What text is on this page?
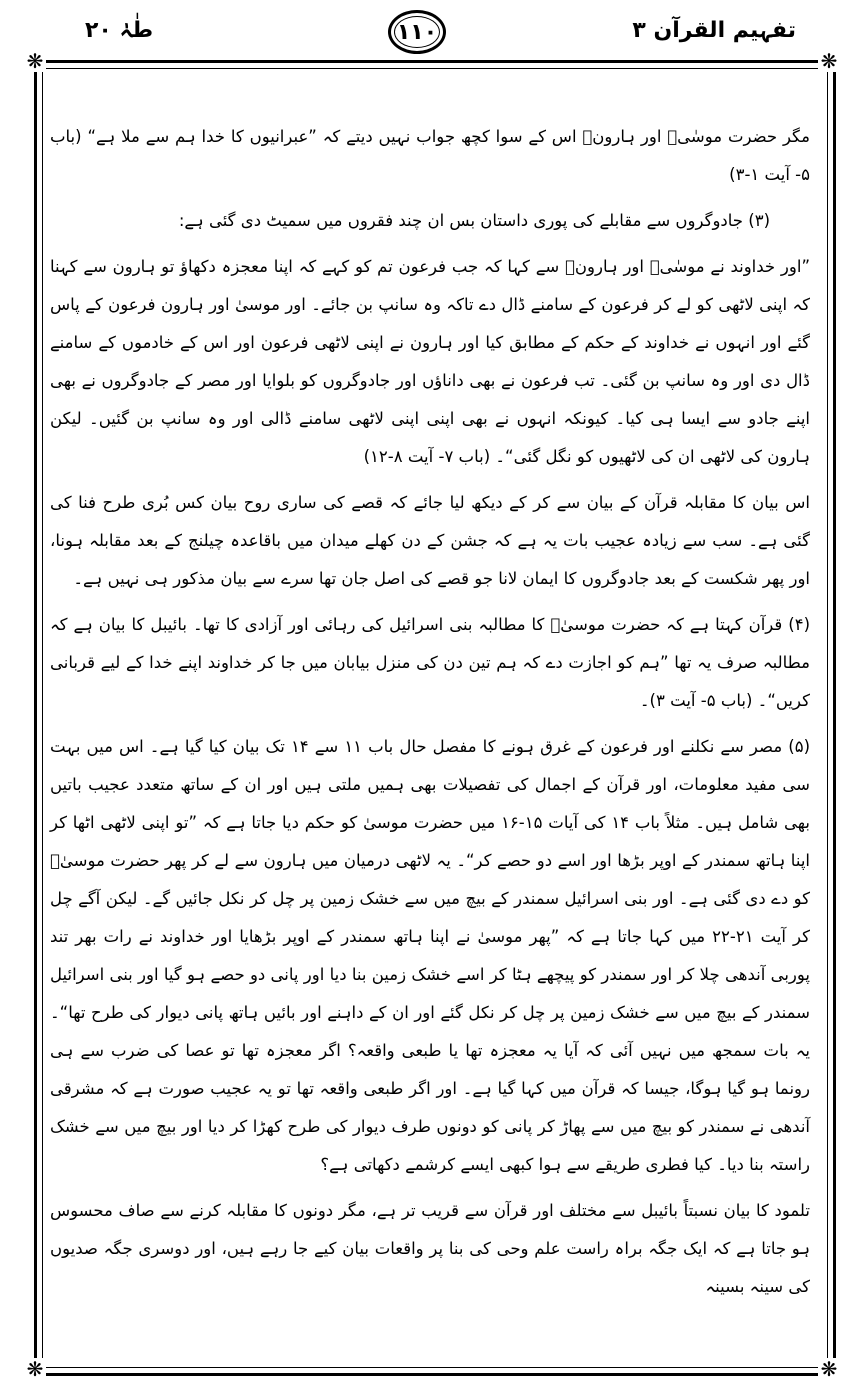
تفہیم القرآن ۳
۱۱۰
طٰہٰ ۲۰
❋	❋
❋	❋

مگر حضرت موسٰیؑ اور ہارونؑ اس کے سوا کچھ جواب نہیں دیتے کہ ”عبرانیوں کا خدا ہم سے ملا ہے“ (باب ۵- آیت ۱-۳)

(۳) جادوگروں سے مقابلے کی پوری داستان بس ان چند فقروں میں سمیٹ دی گئی ہے:

”اور خداوند نے موسٰیؑ اور ہارونؑ سے کہا کہ جب فرعون تم کو کہے کہ اپنا معجزہ دکھاؤ تو ہارون سے کہنا کہ اپنی لاٹھی کو لے کر فرعون کے سامنے ڈال دے تاکہ وہ سانپ بن جائے۔ اور موسیٰ اور ہارون فرعون کے پاس گئے اور انہوں نے خداوند کے حکم کے مطابق کیا اور ہارون نے اپنی لاٹھی فرعون اور اس کے خادموں کے سامنے ڈال دی اور وہ سانپ بن گئی۔ تب فرعون نے بھی داناؤں اور جادوگروں کو بلوایا اور مصر کے جادوگروں نے بھی اپنے جادو سے ایسا ہی کیا۔ کیونکہ انہوں نے بھی اپنی اپنی لاٹھی سامنے ڈالی اور وہ سانپ بن گئیں۔ لیکن ہارون کی لاٹھی ان کی لاٹھیوں کو نگل گئی“۔ (باب ۷- آیت ۸-۱۲)

اس بیان کا مقابلہ قرآن کے بیان سے کر کے دیکھ لیا جائے کہ قصے کی ساری روح بیان کس بُری طرح فنا کی گئی ہے۔ سب سے زیادہ عجیب بات یہ ہے کہ جشن کے دن کھلے میدان میں باقاعدہ چیلنج کے بعد مقابلہ ہونا، اور پھر شکست کے بعد جادوگروں کا ایمان لانا جو قصے کی اصل جان تھا سرے سے بیان مذکور ہی نہیں ہے۔

(۴) قرآن کہتا ہے کہ حضرت موسیٰؑ کا مطالبہ بنی اسرائیل کی رہائی اور آزادی کا تھا۔ بائیبل کا بیان ہے کہ مطالبہ صرف یہ تھا ”ہم کو اجازت دے کہ ہم تین دن کی منزل بیابان میں جا کر خداوند اپنے خدا کے لیے قربانی کریں“۔ (باب ۵- آیت ۳)۔

(۵) مصر سے نکلنے اور فرعون کے غرق ہونے کا مفصل حال باب ۱۱ سے ۱۴ تک بیان کیا گیا ہے۔ اس میں بہت سی مفید معلومات، اور قرآن کے اجمال کی تفصیلات بھی ہمیں ملتی ہیں اور ان کے ساتھ متعدد عجیب باتیں بھی شامل ہیں۔ مثلاً باب ۱۴ کی آیات ۱۵-۱۶ میں حضرت موسیٰ کو حکم دیا جاتا ہے کہ ”تو اپنی لاٹھی اٹھا کر اپنا ہاتھ سمندر کے اوپر بڑھا اور اسے دو حصے کر“۔ یہ لاٹھی درمیان میں ہارون سے لے کر پھر حضرت موسیٰؑ کو دے دی گئی ہے۔ اور بنی اسرائیل سمندر کے بیچ میں سے خشک زمین پر چل کر نکل جائیں گے۔ لیکن آگے چل کر آیت ۲۱-۲۲ میں کہا جاتا ہے کہ ”پھر موسیٰ نے اپنا ہاتھ سمندر کے اوپر بڑھایا اور خداوند نے رات بھر تند پوربی آندھی چلا کر اور سمندر کو پیچھے ہٹا کر اسے خشک زمین بنا دیا اور پانی دو حصے ہو گیا اور بنی اسرائیل سمندر کے بیچ میں سے خشک زمین پر چل کر نکل گئے اور ان کے داہنے اور بائیں ہاتھ پانی دیوار کی طرح تھا“۔ یہ بات سمجھ میں نہیں آئی کہ آیا یہ معجزہ تھا یا طبعی واقعہ؟ اگر معجزہ تھا تو عصا کی ضرب سے ہی رونما ہو گیا ہوگا، جیسا کہ قرآن میں کہا گیا ہے۔ اور اگر طبعی واقعہ تھا تو یہ عجیب صورت ہے کہ مشرقی آندھی نے سمندر کو بیچ میں سے پھاڑ کر پانی کو دونوں طرف دیوار کی طرح کھڑا کر دیا اور بیچ میں سے خشک راستہ بنا دیا۔ کیا فطری طریقے سے ہوا کبھی ایسے کرشمے دکھاتی ہے؟

تلمود کا بیان نسبتاً بائیبل سے مختلف اور قرآن سے قریب تر ہے، مگر دونوں کا مقابلہ کرنے سے صاف محسوس ہو جاتا ہے کہ ایک جگہ براہ راست علم وحی کی بنا پر واقعات بیان کیے جا رہے ہیں، اور دوسری جگہ صدیوں کی سینہ بسینہ
